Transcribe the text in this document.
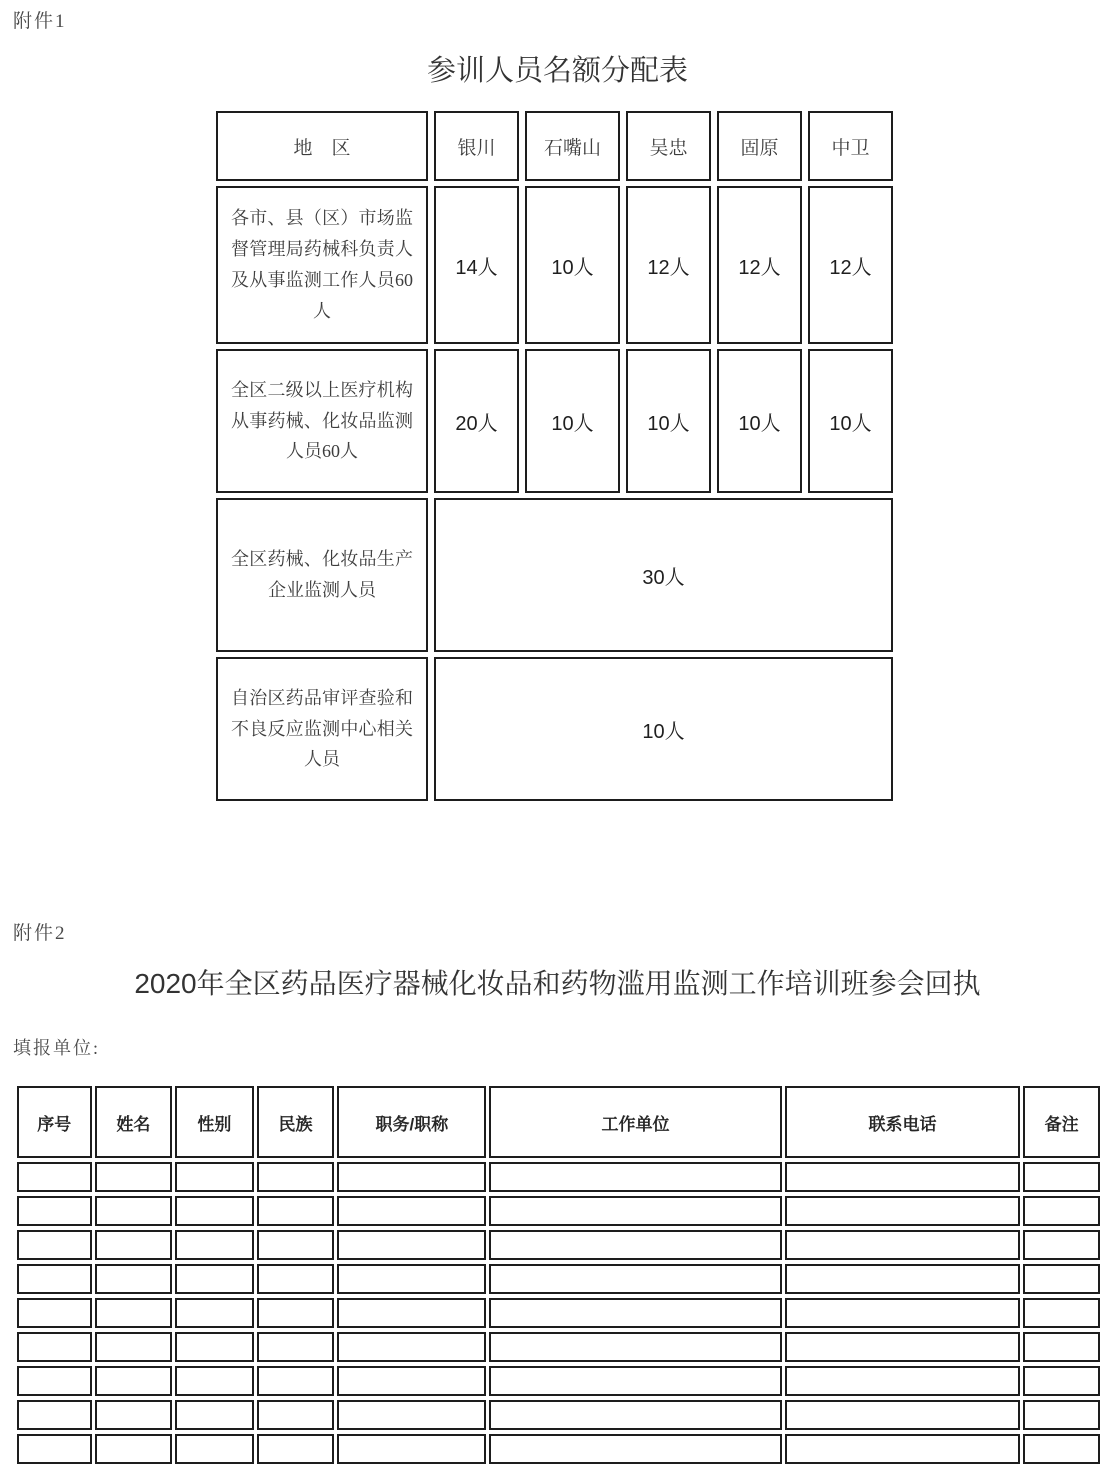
附件1
参训人员名额分配表
地　区	银川	石嘴山	吴忠	固原	中卫
各市、县（区）市场监督管理局药械科负责人及从事监测工作人员60人	14人	10人	12人	12人	12人
全区二级以上医疗机构从事药械、化妆品监测人员60人	20人	10人	10人	10人	10人
全区药械、化妆品生产企业监测人员	30人				
自治区药品审评查验和不良反应监测中心相关人员	10人				
附件2
2020年全区药品医疗器械化妆品和药物滥用监测工作培训班参会回执
填报单位:
序号	姓名	性别	民族	职务/职称	工作单位	联系电话	备注
